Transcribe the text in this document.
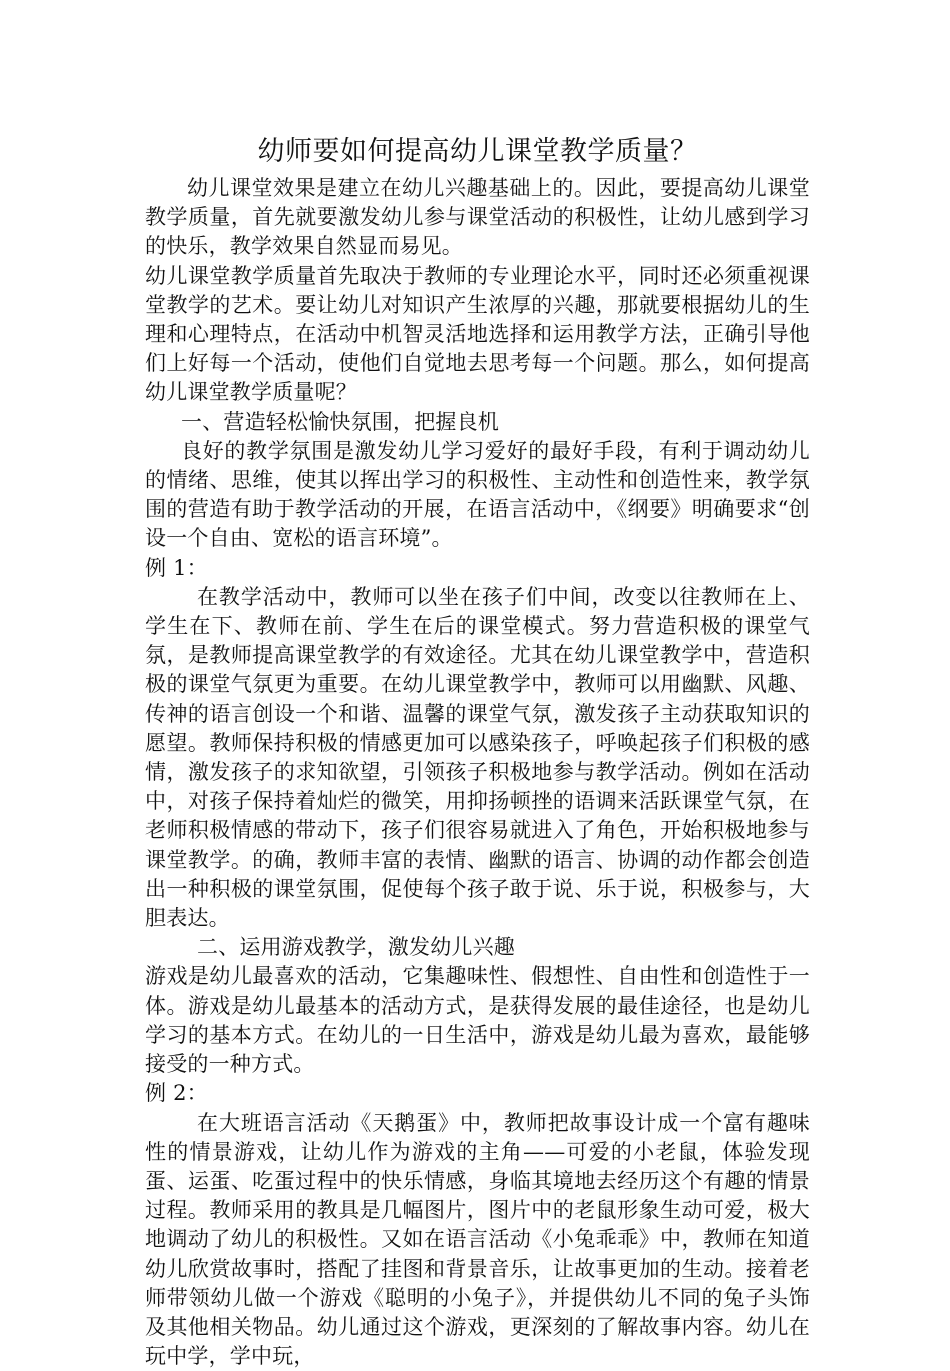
幼师要如何提高幼儿课堂教学质量？

幼儿课堂效果是建立在幼儿兴趣基础上的。因此，要提高幼儿课堂教学质量，首先就要激发幼儿参与课堂活动的积极性，让幼儿感到学习的快乐，教学效果自然显而易见。

幼儿课堂教学质量首先取决于教师的专业理论水平，同时还必须重视课堂教学的艺术。要让幼儿对知识产生浓厚的兴趣，那就要根据幼儿的生理和心理特点，在活动中机智灵活地选择和运用教学方法，正确引导他们上好每一个活动，使他们自觉地去思考每一个问题。那么，如何提高幼儿课堂教学质量呢？

一、营造轻松愉快氛围，把握良机

良好的教学氛围是激发幼儿学习爱好的最好手段，有利于调动幼儿的情绪、思维，使其以挥出学习的积极性、主动性和创造性来，教学氛围的营造有助于教学活动的开展，在语言活动中，《纲要》明确要求“创设一个自由、宽松的语言环境”。

例 1：

在教学活动中，教师可以坐在孩子们中间，改变以往教师在上、学生在下、教师在前、学生在后的课堂模式。努力营造积极的课堂气氛，是教师提高课堂教学的有效途径。尤其在幼儿课堂教学中，营造积极的课堂气氛更为重要。在幼儿课堂教学中，教师可以用幽默、风趣、传神的语言创设一个和谐、温馨的课堂气氛，激发孩子主动获取知识的愿望。教师保持积极的情感更加可以感染孩子，呼唤起孩子们积极的感情，激发孩子的求知欲望，引领孩子积极地参与教学活动。例如在活动中，对孩子保持着灿烂的微笑，用抑扬顿挫的语调来活跃课堂气氛，在老师积极情感的带动下，孩子们很容易就进入了角色，开始积极地参与课堂教学。的确，教师丰富的表情、幽默的语言、协调的动作都会创造出一种积极的课堂氛围，促使每个孩子敢于说、乐于说，积极参与，大胆表达。

二、运用游戏教学，激发幼儿兴趣

游戏是幼儿最喜欢的活动，它集趣味性、假想性、自由性和创造性于一体。游戏是幼儿最基本的活动方式，是获得发展的最佳途径，也是幼儿学习的基本方式。在幼儿的一日生活中，游戏是幼儿最为喜欢，最能够接受的一种方式。

例 2：

在大班语言活动《天鹅蛋》中，教师把故事设计成一个富有趣味性的情景游戏，让幼儿作为游戏的主角——可爱的小老鼠，体验发现蛋、运蛋、吃蛋过程中的快乐情感，身临其境地去经历这个有趣的情景过程。教师采用的教具是几幅图片，图片中的老鼠形象生动可爱，极大地调动了幼儿的积极性。又如在语言活动《小兔乖乖》中，教师在知道幼儿欣赏故事时，搭配了挂图和背景音乐，让故事更加的生动。接着老师带领幼儿做一个游戏《聪明的小兔子》，并提供幼儿不同的兔子头饰及其他相关物品。幼儿通过这个游戏，更深刻的了解故事内容。幼儿在玩中学，学中玩，
